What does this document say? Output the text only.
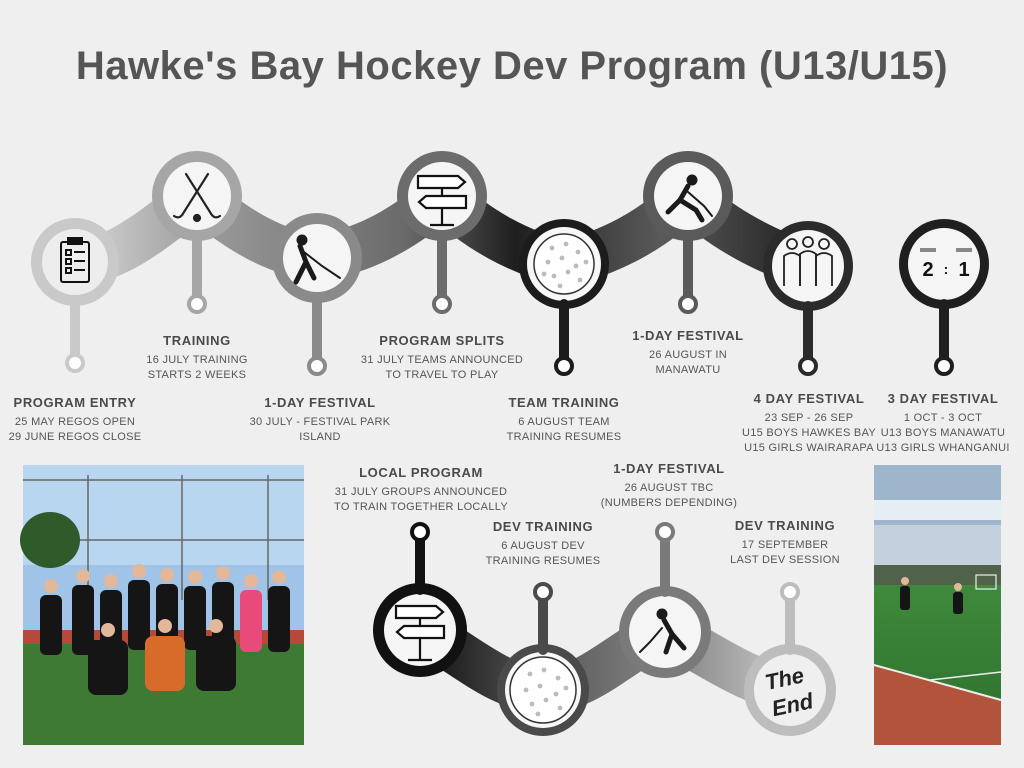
Hawke's Bay Hockey Dev Program (U13/U15)
2 : 1
The
End
PROGRAM ENTRY
25 MAY REGOS OPEN
29 JUNE REGOS CLOSE
TRAINING
16 JULY TRAINING
STARTS 2 WEEKS
1-DAY FESTIVAL
30 JULY - FESTIVAL PARK
ISLAND
PROGRAM SPLITS
31 JULY TEAMS ANNOUNCED
TO TRAVEL TO PLAY
TEAM TRAINING
6 AUGUST TEAM
TRAINING RESUMES
1-DAY FESTIVAL
26 AUGUST IN
MANAWATU
4 DAY FESTIVAL
23 SEP - 26 SEP
U15 BOYS HAWKES BAY
U15 GIRLS WAIRARAPA
3 DAY FESTIVAL
1 OCT - 3 OCT
U13 BOYS MANAWATU
U13 GIRLS WHANGANUI
LOCAL PROGRAM
31 JULY GROUPS ANNOUNCED
TO TRAIN TOGETHER LOCALLY
DEV TRAINING
6 AUGUST DEV
TRAINING RESUMES
1-DAY FESTIVAL
26 AUGUST TBC
(NUMBERS DEPENDING)
DEV TRAINING
17 SEPTEMBER
LAST DEV SESSION
